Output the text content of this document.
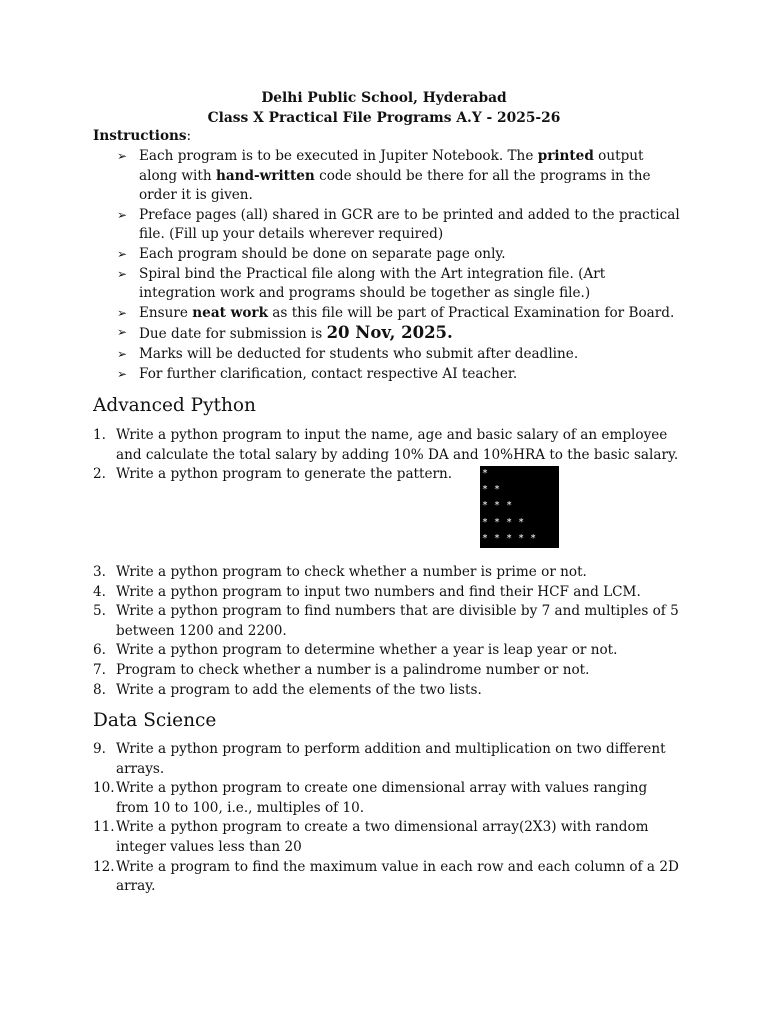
Delhi Public School, Hyderabad
Class X Practical File Programs A.Y - 2025-26
Instructions:
➢ Each program is to be executed in Jupiter Notebook. The printed output along with hand-written code should be there for all the programs in the order it is given.
➢ Preface pages (all) shared in GCR are to be printed and added to the practical file. (Fill up your details wherever required)
➢ Each program should be done on separate page only.
➢ Spiral bind the Practical file along with the Art integration file. (Art integration work and programs should be together as single file.)
➢ Ensure neat work as this file will be part of Practical Examination for Board.
➢ Due date for submission is 20 Nov, 2025.
➢ Marks will be deducted for students who submit after deadline.
➢ For further clarification, contact respective AI teacher.
Advanced Python
1. Write a python program to input the name, age and basic salary of an employee and calculate the total salary by adding 10% DA and 10%HRA to the basic salary.
2. Write a python program to generate the pattern.	*
* *
* * *
* * * *
* * * * *
3. Write a python program to check whether a number is prime or not.
4. Write a python program to input two numbers and find their HCF and LCM.
5. Write a python program to find numbers that are divisible by 7 and multiples of 5 between 1200 and 2200.
6. Write a python program to determine whether a year is leap year or not.
7. Program to check whether a number is a palindrome number or not.
8. Write a program to add the elements of the two lists.
Data Science
9. Write a python program to perform addition and multiplication on two different arrays.
10. Write a python program to create one dimensional array with values ranging from 10 to 100, i.e., multiples of 10.
11. Write a python program to create a two dimensional array(2X3) with random integer values less than 20
12. Write a program to find the maximum value in each row and each column of a 2D array.
